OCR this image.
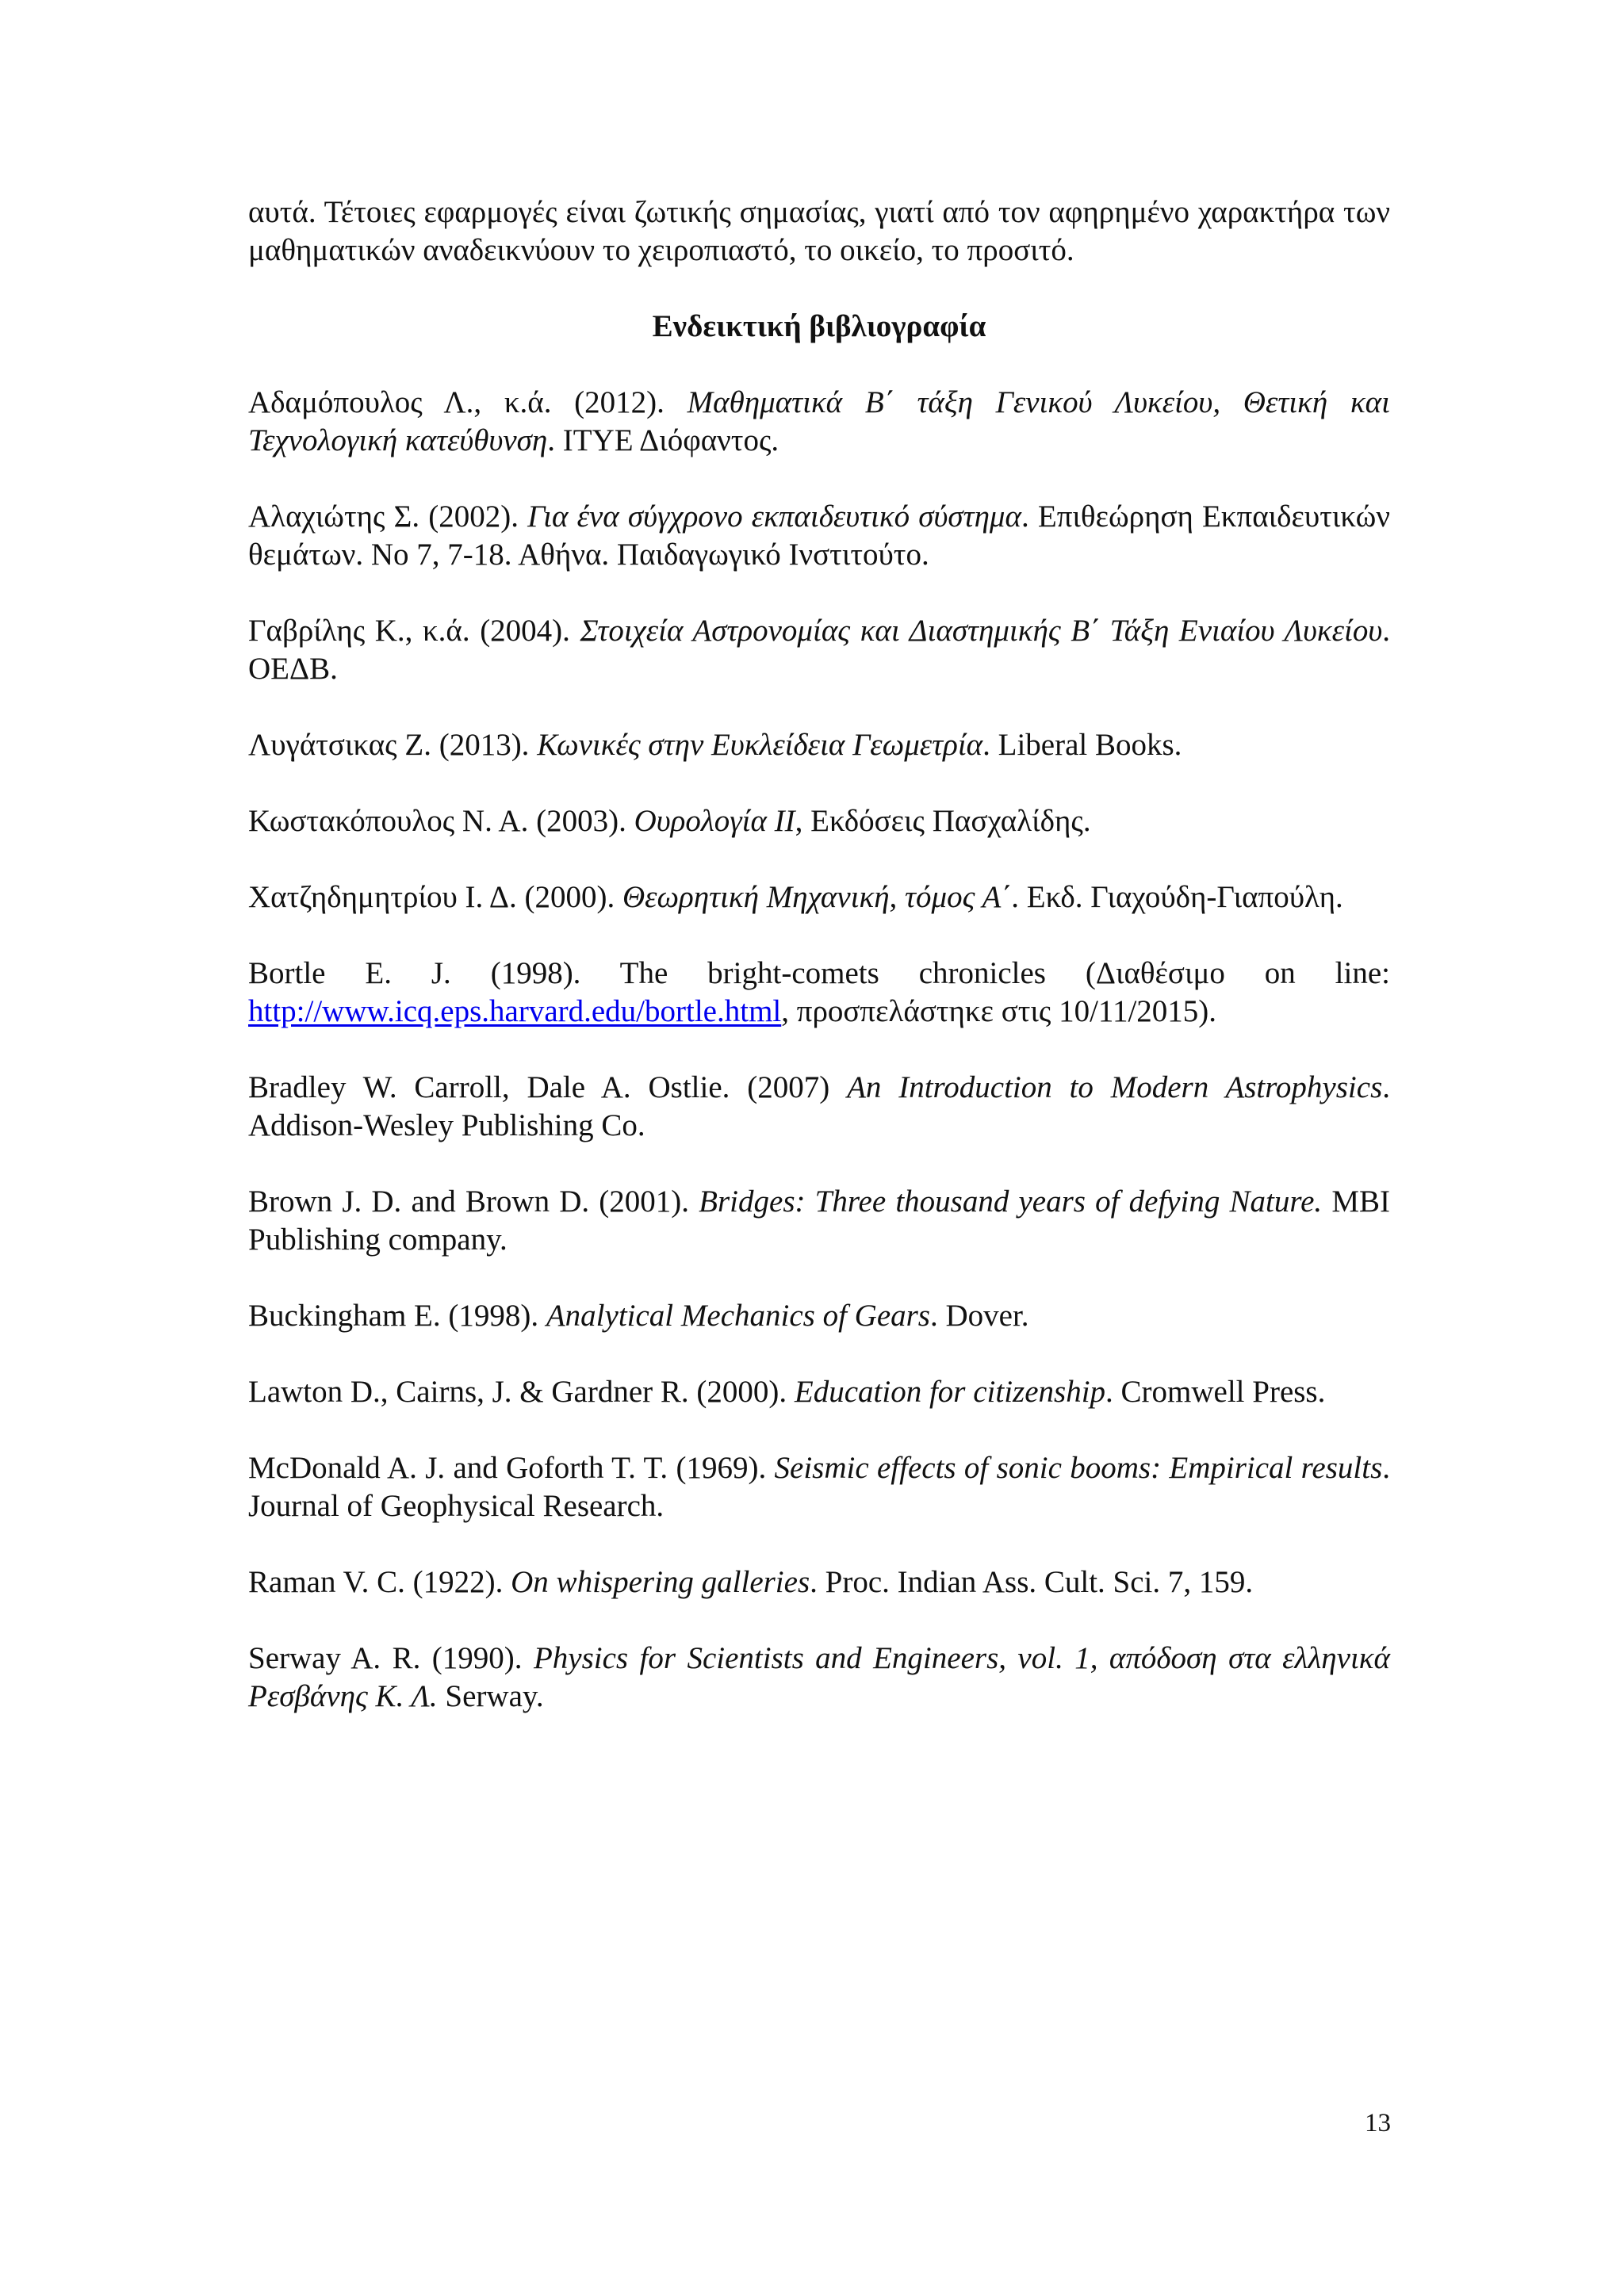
αυτά. Τέτοιες εφαρμογές είναι ζωτικής σημασίας, γιατί από τον αφηρημένο χαρακτήρα των μαθηματικών αναδεικνύουν το χειροπιαστό, το οικείο, το προσιτό.

Ενδεικτική βιβλιογραφία

Αδαμόπουλος Λ., κ.ά. (2012). Μαθηματικά Β΄ τάξη Γενικού Λυκείου, Θετική και Τεχνολογική κατεύθυνση. ΙΤΥΕ Διόφαντος.

Αλαχιώτης Σ. (2002). Για ένα σύγχρονο εκπαιδευτικό σύστημα. Επιθεώρηση Εκπαιδευτικών θεμάτων. Νο 7, 7-18. Αθήνα. Παιδαγωγικό Ινστιτούτο.

Γαβρίλης Κ., κ.ά. (2004). Στοιχεία Αστρονομίας και Διαστημικής Β΄ Τάξη Ενιαίου Λυκείου. ΟΕΔΒ.

Λυγάτσικας Ζ. (2013). Κωνικές στην Ευκλείδεια Γεωμετρία. Liberal Books.

Κωστακόπουλος Ν. Α. (2003). Ουρολογία ΙΙ, Εκδόσεις Πασχαλίδης.

Χατζηδημητρίου Ι. Δ. (2000). Θεωρητική Μηχανική, τόμος Α΄. Εκδ. Γιαχούδη-Γιαπούλη.

Bortle E. J. (1998). The bright-comets chronicles (Διαθέσιμο on line: http://www.icq.eps.harvard.edu/bortle.html, προσπελάστηκε στις 10/11/2015).

Bradley W. Carroll, Dale A. Ostlie. (2007) An Introduction to Modern Astrophysics. Addison-Wesley Publishing Co.

Brown J. D. and Brown D. (2001). Bridges: Three thousand years of defying Nature. MBI Publishing company.

Buckingham E. (1998). Analytical Mechanics of Gears. Dover.

Lawton D., Cairns, J. & Gardner R. (2000). Education for citizenship. Cromwell Press.

McDonald A. J. and Goforth T. T. (1969). Seismic effects of sonic booms: Empirical results. Journal of Geophysical Research.

Raman V. C. (1922). On whispering galleries. Proc. Indian Ass. Cult. Sci. 7, 159.

Serway A. R. (1990). Physics for Scientists and Engineers, vol. 1, απόδοση στα ελληνικά Ρεσβάνης Κ. Λ. Serway.

13
